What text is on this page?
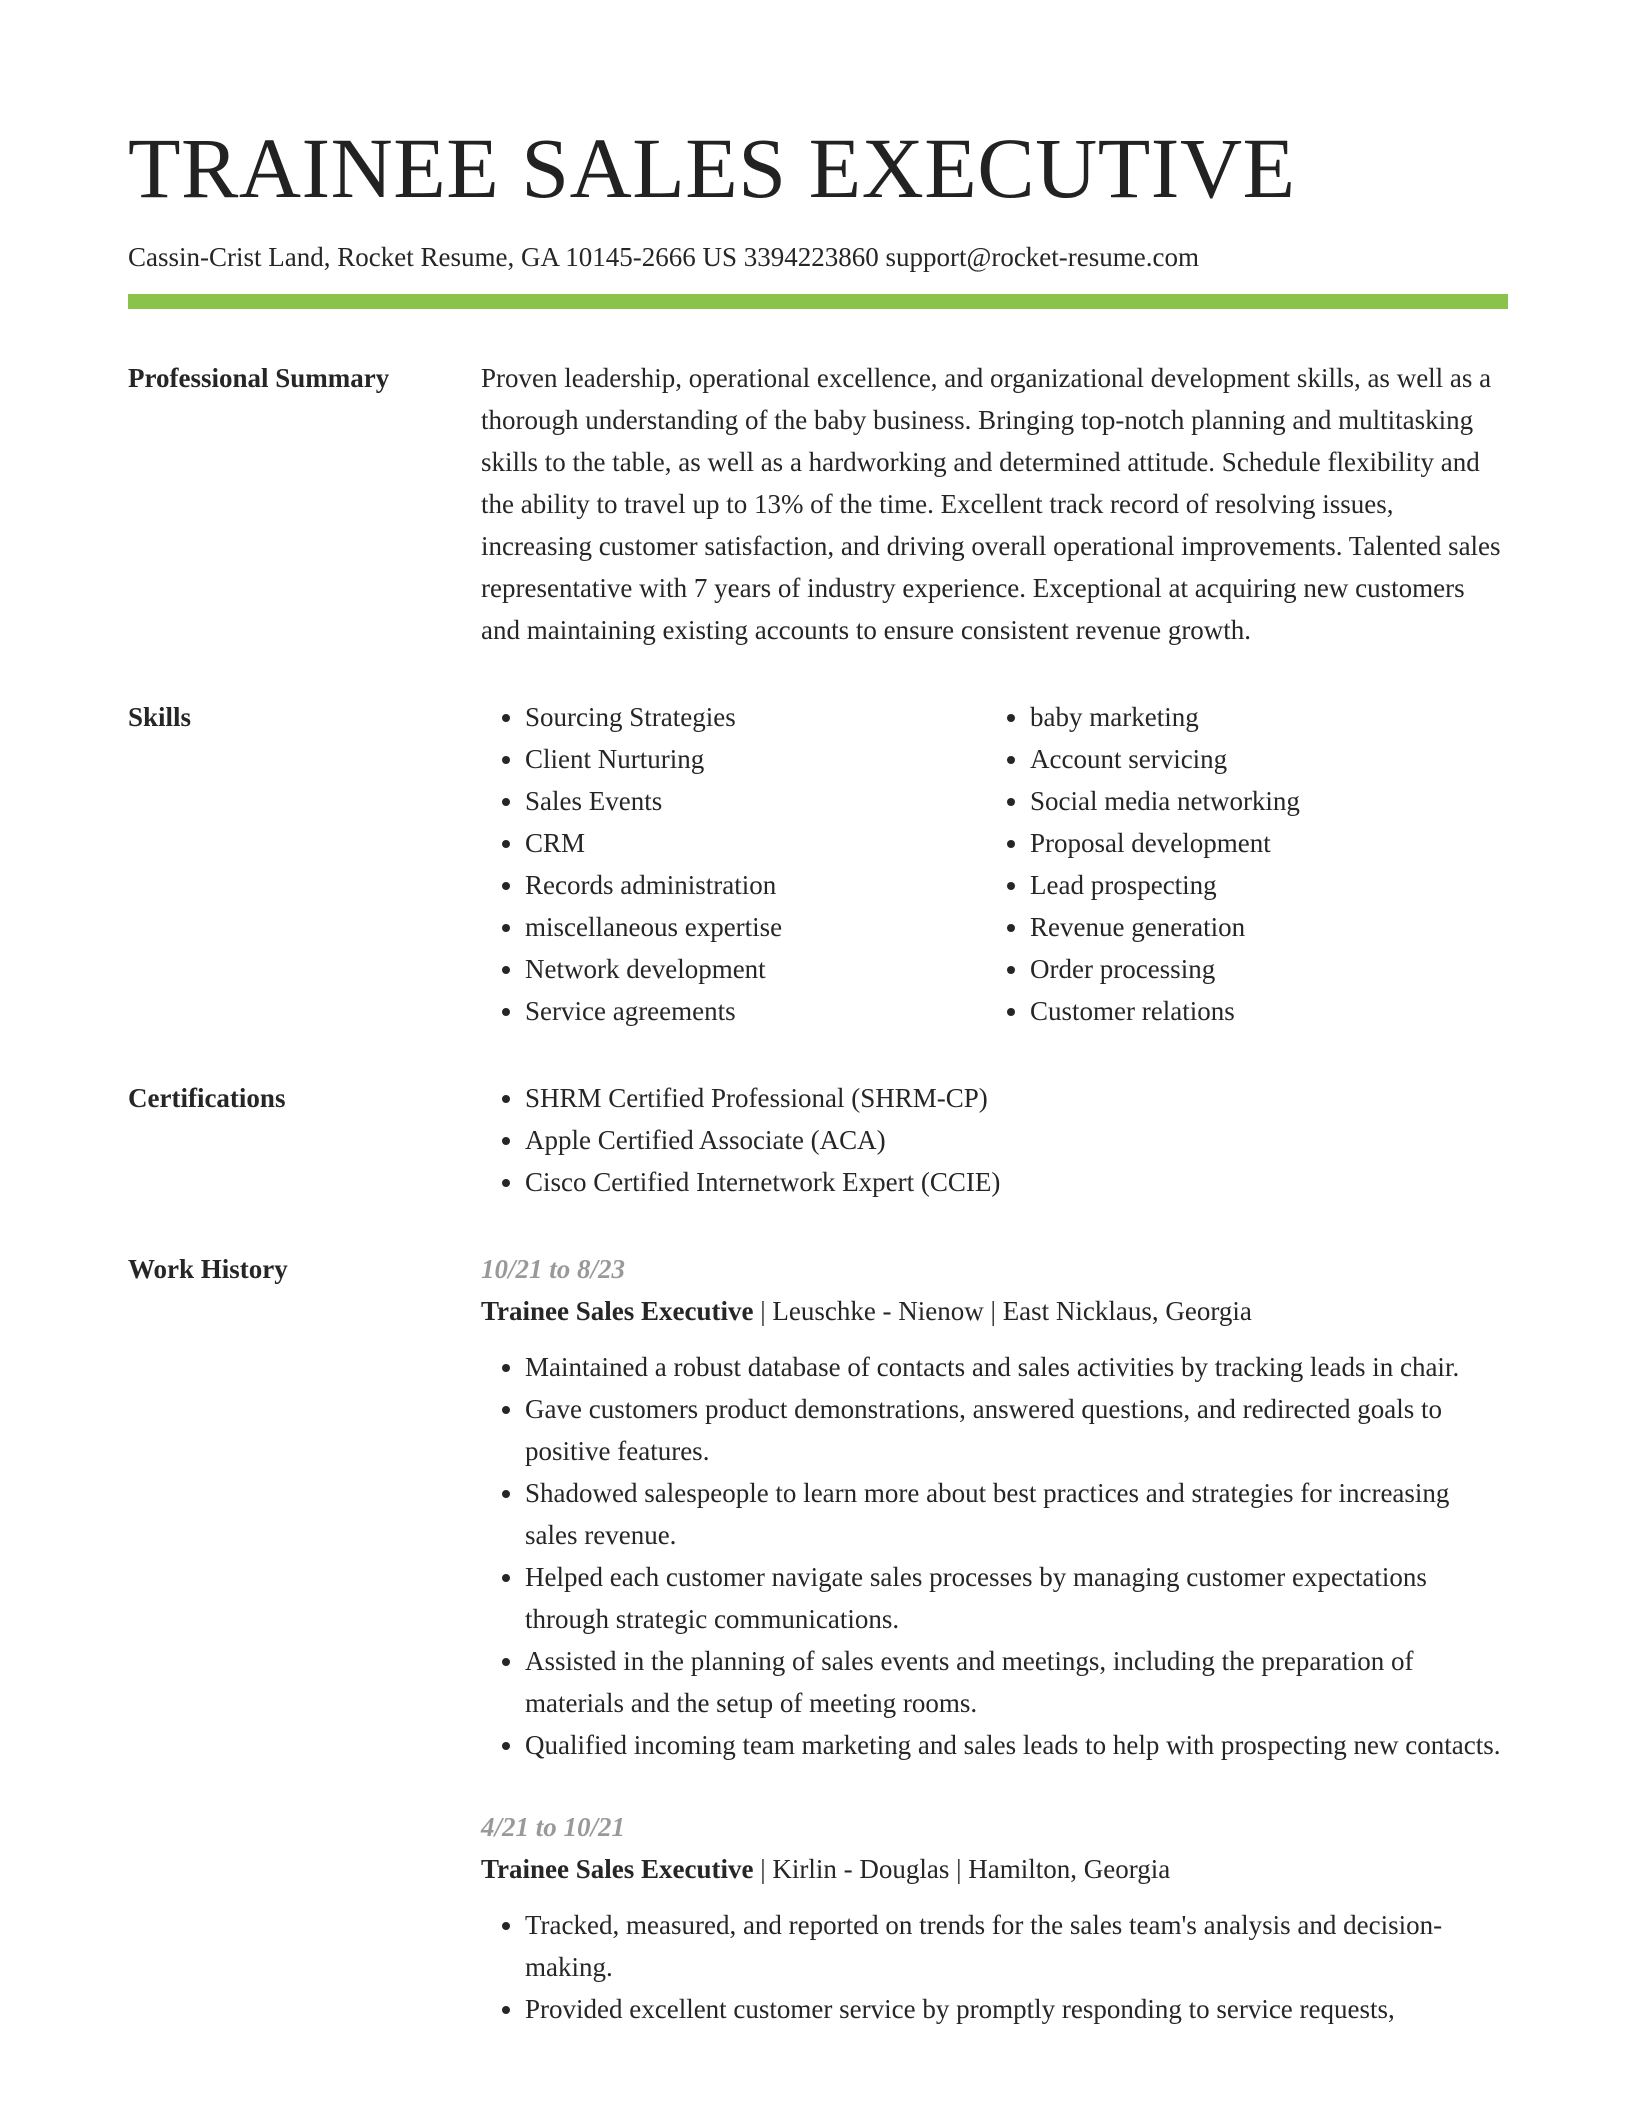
TRAINEE SALES EXECUTIVE
Cassin-Crist Land, Rocket Resume, GA 10145-2666 US 3394223860 support@rocket-resume.com
Professional Summary	Proven leadership, operational excellence, and organizational development skills, as well as a thorough understanding of the baby business. Bringing top-notch planning and multitasking skills to the table, as well as a hardworking and determined attitude. Schedule flexibility and the ability to travel up to 13% of the time. Excellent track record of resolving issues, increasing customer satisfaction, and driving overall operational improvements. Talented sales representative with 7 years of industry experience. Exceptional at acquiring new customers and maintaining existing accounts to ensure consistent revenue growth.

Skills	• Sourcing Strategies
• Client Nurturing
• Sales Events
• CRM
• Records administration
• miscellaneous expertise
• Network development
• Service agreements
• baby marketing
• Account servicing
• Social media networking
• Proposal development
• Lead prospecting
• Revenue generation
• Order processing
• Customer relations
Certifications	• SHRM Certified Professional (SHRM-CP)
• Apple Certified Associate (ACA)
• Cisco Certified Internetwork Expert (CCIE)
Work History	10/21 to 8/23
Trainee Sales Executive | Leuschke - Nienow | East Nicklaus, Georgia
• Maintained a robust database of contacts and sales activities by tracking leads in chair.
• Gave customers product demonstrations, answered questions, and redirected goals to positive features.
• Shadowed salespeople to learn more about best practices and strategies for increasing sales revenue.
• Helped each customer navigate sales processes by managing customer expectations through strategic communications.
• Assisted in the planning of sales events and meetings, including the preparation of materials and the setup of meeting rooms.
• Qualified incoming team marketing and sales leads to help with prospecting new contacts.
4/21 to 10/21
Trainee Sales Executive | Kirlin - Douglas | Hamilton, Georgia
• Tracked, measured, and reported on trends for the sales team's analysis and decision-making.
• Provided excellent customer service by promptly responding to service requests,
